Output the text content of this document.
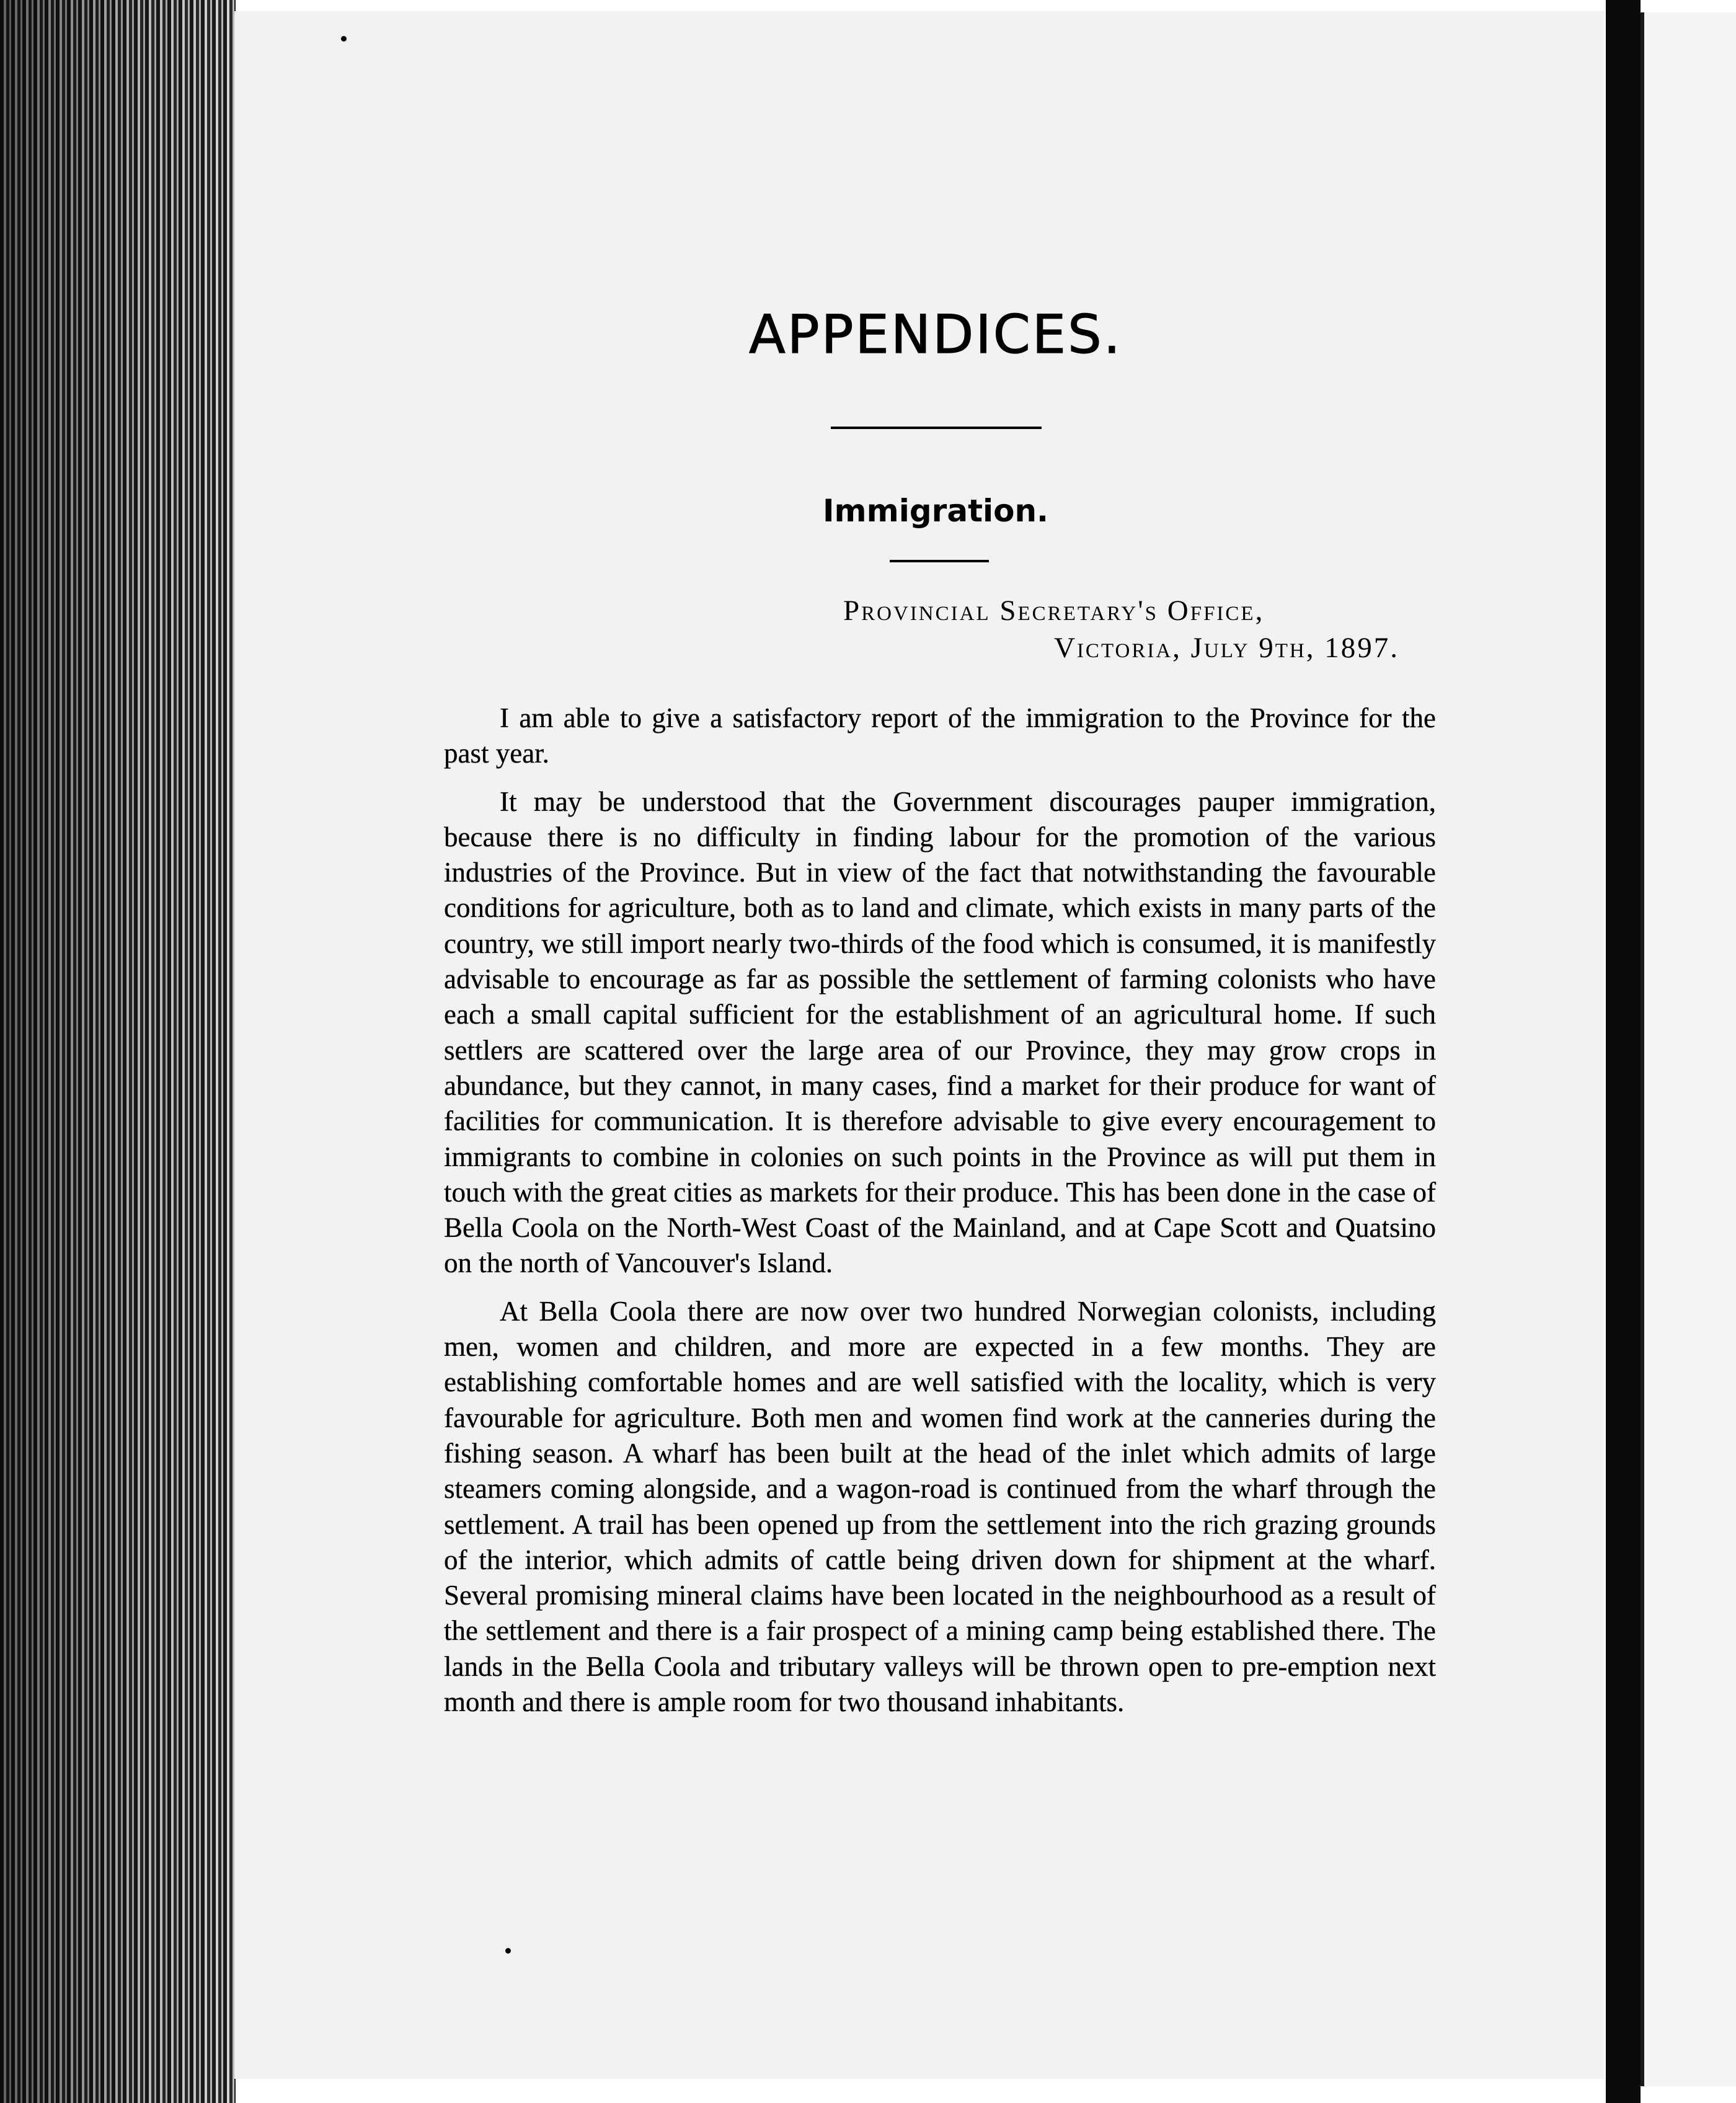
APPENDICES.
Immigration.
Provincial Secretary's Office,
Victoria, July 9th, 1897.

I am able to give a satisfactory report of the immigration to the Province for the past year.

It may be understood that the Government discourages pauper immigration, because there is no difficulty in finding labour for the promotion of the various industries of the Province. But in view of the fact that notwithstanding the favourable conditions for agriculture, both as to land and climate, which exists in many parts of the country, we still import nearly two-thirds of the food which is consumed, it is manifestly advisable to encourage as far as possible the settlement of farming colonists who have each a small capital sufficient for the establishment of an agricultural home. If such settlers are scattered over the large area of our Province, they may grow crops in abundance, but they cannot, in many cases, find a market for their produce for want of facilities for communication. It is therefore advisable to give every encouragement to immigrants to combine in colonies on such points in the Province as will put them in touch with the great cities as markets for their produce. This has been done in the case of Bella Coola on the North-West Coast of the Mainland, and at Cape Scott and Quatsino on the north of Vancouver's Island.

At Bella Coola there are now over two hundred Norwegian colonists, including men, women and children, and more are expected in a few months. They are establishing comfortable homes and are well satisfied with the locality, which is very favourable for agriculture. Both men and women find work at the canneries during the fishing season. A wharf has been built at the head of the inlet which admits of large steamers coming alongside, and a wagon-road is continued from the wharf through the settlement. A trail has been opened up from the settlement into the rich grazing grounds of the interior, which admits of cattle being driven down for shipment at the wharf. Several promising mineral claims have been located in the neighbourhood as a result of the settlement and there is a fair prospect of a mining camp being established there. The lands in the Bella Coola and tributary valleys will be thrown open to pre-emption next month and there is ample room for two thousand inhabitants.
